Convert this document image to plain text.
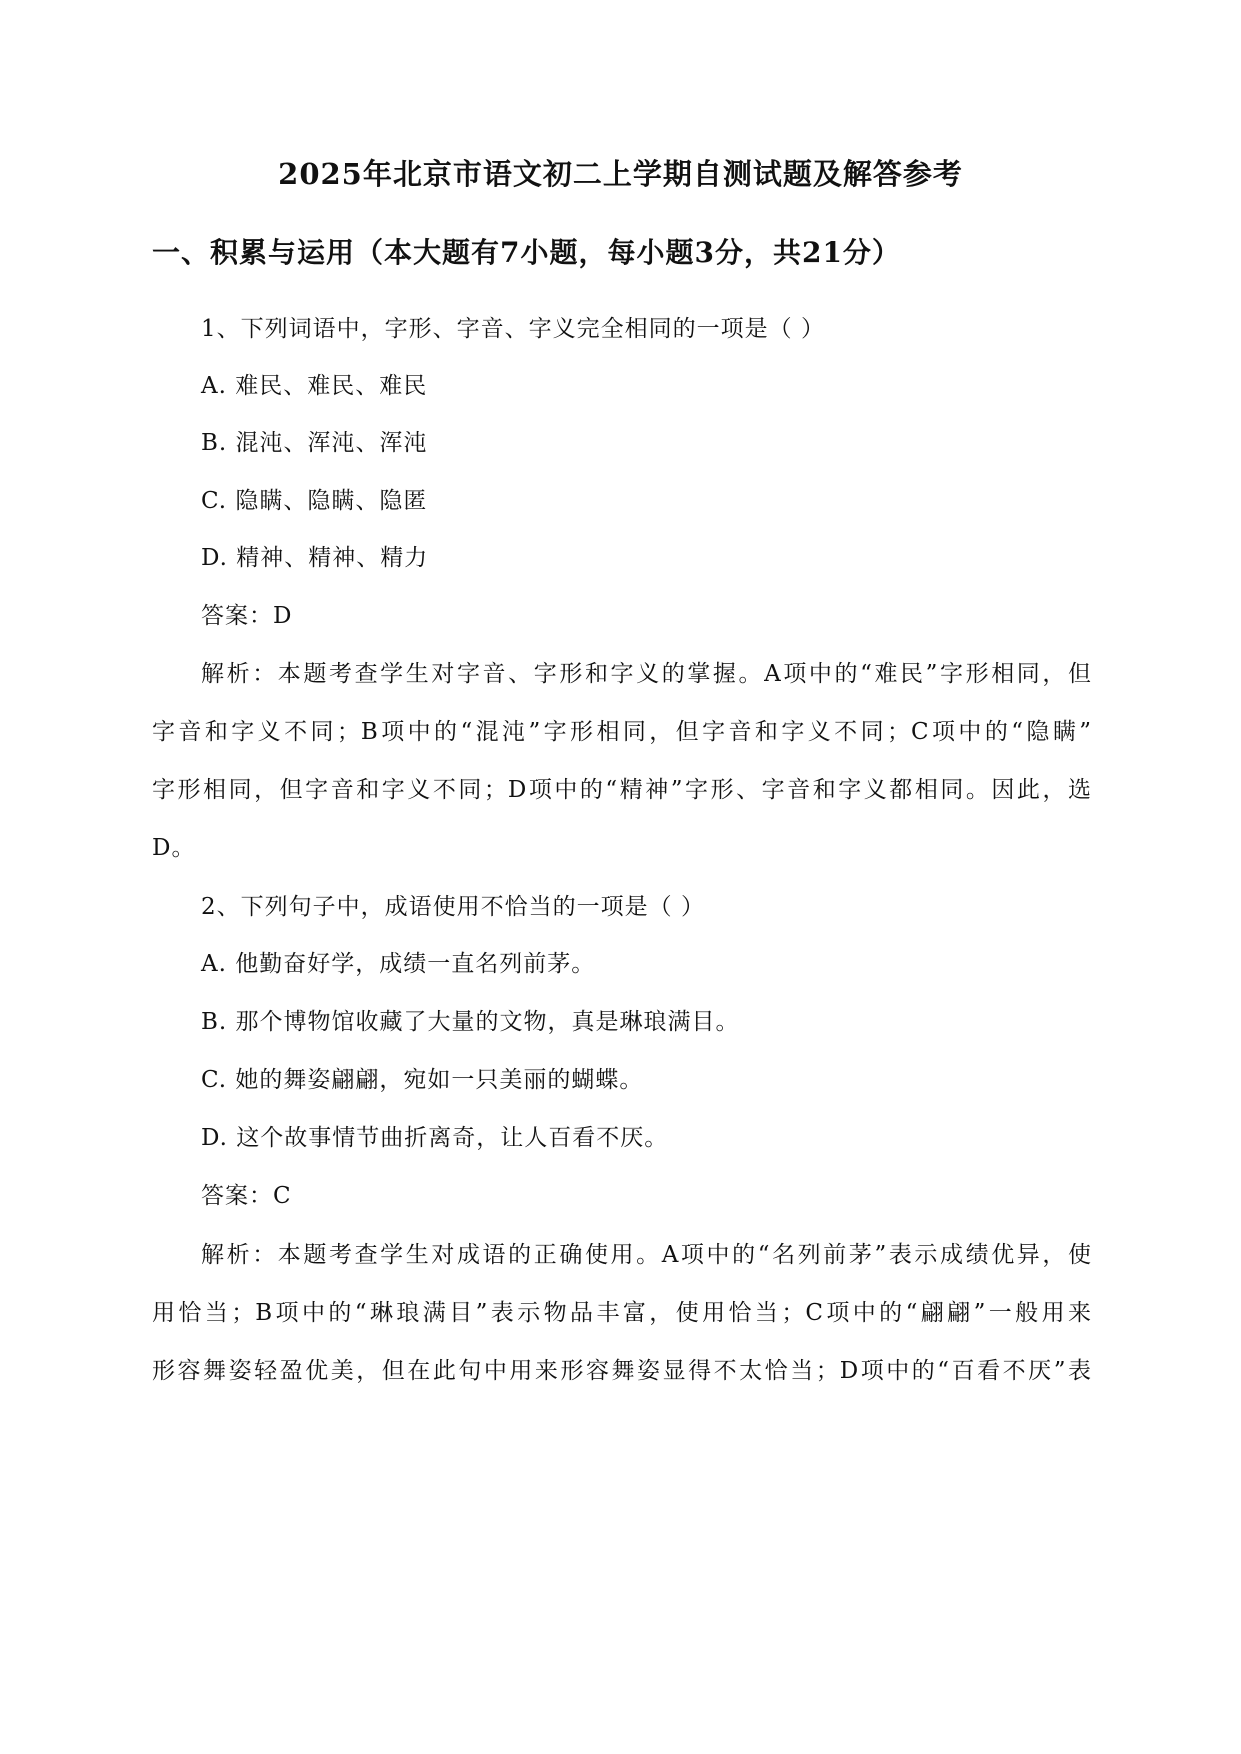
2025年北京市语文初二上学期自测试题及解答参考
一、积累与运用（本大题有7小题，每小题3分，共21分）
1、下列词语中，字形、字音、字义完全相同的一项是（ ）
A. 难民、难民、难民
B. 混沌、浑沌、浑沌
C. 隐瞒、隐瞒、隐匿
D. 精神、精神、精力
答案：D
解析：本题考查学生对字音、字形和字义的掌握。A项中的“难民”字形相同，但
字音和字义不同；B项中的“混沌”字形相同，但字音和字义不同；C项中的“隐瞒”
字形相同，但字音和字义不同；D项中的“精神”字形、字音和字义都相同。因此，选
D。
2、下列句子中，成语使用不恰当的一项是（ ）
A. 他勤奋好学，成绩一直名列前茅。
B. 那个博物馆收藏了大量的文物，真是琳琅满目。
C. 她的舞姿翩翩，宛如一只美丽的蝴蝶。
D. 这个故事情节曲折离奇，让人百看不厌。
答案：C
解析：本题考查学生对成语的正确使用。A项中的“名列前茅”表示成绩优异，使
用恰当；B项中的“琳琅满目”表示物品丰富，使用恰当；C项中的“翩翩”一般用来
形容舞姿轻盈优美，但在此句中用来形容舞姿显得不太恰当；D项中的“百看不厌”表
